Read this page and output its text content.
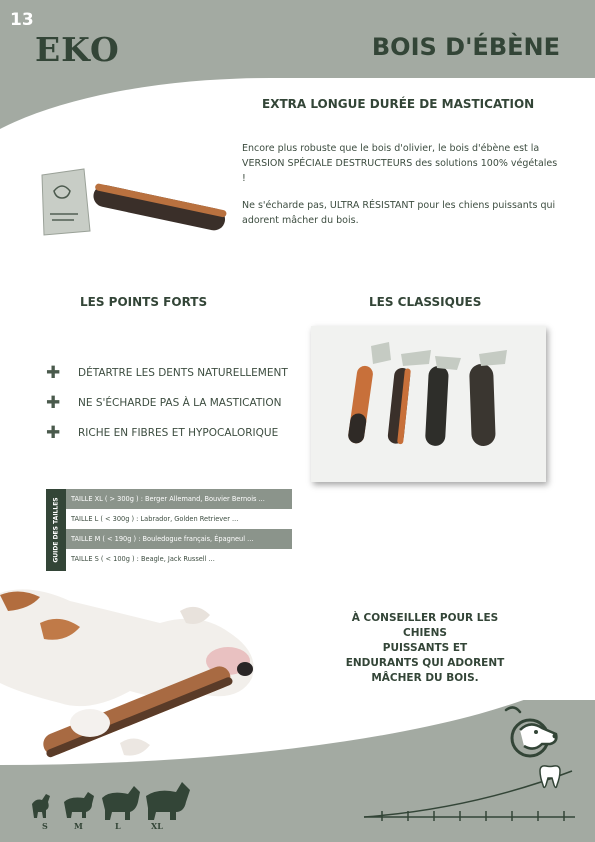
13
EKO	BOIS D'ÉBÈNE
EXTRA LONGUE DURÉE DE MASTICATION

Encore plus robuste que le bois d'olivier, le bois d'ébène est la VERSION SPÉCIALE DESTRUCTEURS des solutions 100% végétales !

Ne s'écharde pas, ULTRA RÉSISTANT pour les chiens puissants qui adorent mâcher du bois.

LES POINTS FORTS	LES CLASSIQUES
✚	DÉTARTRE LES DENTS NATURELLEMENT
✚	NE S'ÉCHARDE PAS À LA MASTICATION
✚	RICHE EN FIBRES ET HYPOCALORIQUE
GUIDE DES TAILLES	TAILLE XL ( > 300g ) : Berger Allemand, Bouvier Bernois ...
TAILLE L ( < 300g ) : Labrador, Golden Retriever ...
TAILLE M ( < 190g ) : Bouledogue français, Épagneul ...
TAILLE S ( < 100g ) : Beagle, Jack Russell ...
À CONSEILLER POUR LES CHIENS
PUISSANTS ET
ENDURANTS QUI ADORENT
MÂCHER DU BOIS.
S	M	L	XL
